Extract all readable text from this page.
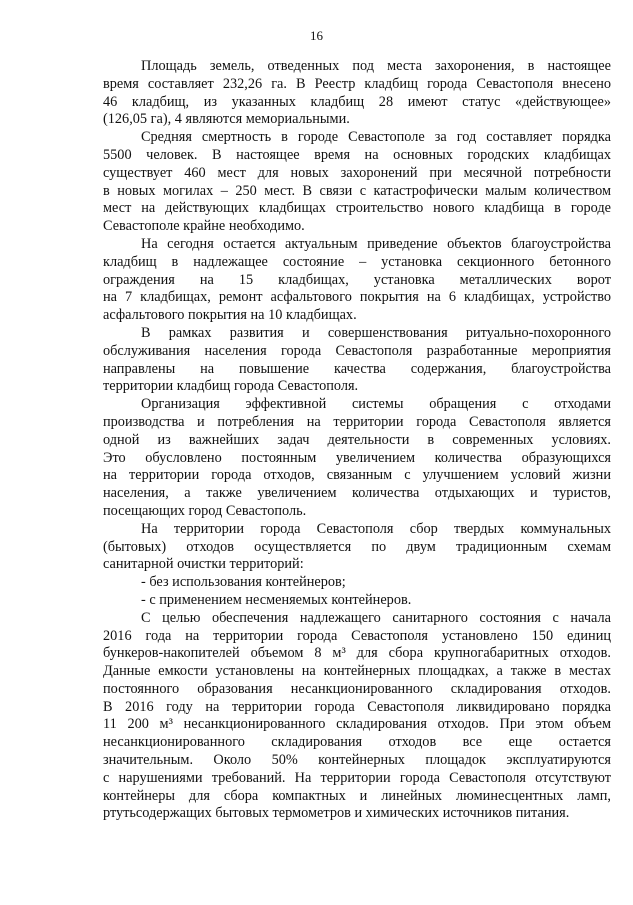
16
Площадь земель, отведенных под места захоронения, в настоящее
время составляет 232,26 га. В Реестр кладбищ города Севастополя внесено
46 кладбищ, из указанных кладбищ 28 имеют статус «действующее»
(126,05 га), 4 являются мемориальными.
Средняя смертность в городе Севастополе за год составляет порядка
5500 человек. В настоящее время на основных городских кладбищах
существует 460 мест для новых захоронений при месячной потребности
в новых могилах – 250 мест. В связи с катастрофически малым количеством
мест на действующих кладбищах строительство нового кладбища в городе
Севастополе крайне необходимо.
На сегодня остается актуальным приведение объектов благоустройства
кладбищ в надлежащее состояние – установка секционного бетонного
ограждения на 15 кладбищах, установка металлических ворот
на 7 кладбищах, ремонт асфальтового покрытия на 6 кладбищах, устройство
асфальтового покрытия на 10 кладбищах.
В рамках развития и совершенствования ритуально-похоронного
обслуживания населения города Севастополя разработанные мероприятия
направлены на повышение качества содержания, благоустройства
территории кладбищ города Севастополя.
Организация эффективной системы обращения с отходами
производства и потребления на территории города Севастополя является
одной из важнейших задач деятельности в современных условиях.
Это обусловлено постоянным увеличением количества образующихся
на территории города отходов, связанным с улучшением условий жизни
населения, а также увеличением количества отдыхающих и туристов,
посещающих город Севастополь.
На территории города Севастополя сбор твердых коммунальных
(бытовых) отходов осуществляется по двум традиционным схемам
санитарной очистки территорий:
- без использования контейнеров;
- с применением несменяемых контейнеров.
С целью обеспечения надлежащего санитарного состояния с начала
2016 года на территории города Севастополя установлено 150 единиц
бункеров-накопителей объемом 8 м³ для сбора крупногабаритных отходов.
Данные емкости установлены на контейнерных площадках, а также в местах
постоянного образования несанкционированного складирования отходов.
В 2016 году на территории города Севастополя ликвидировано порядка
11 200 м³ несанкционированного складирования отходов. При этом объем
несанкционированного складирования отходов все еще остается
значительным. Около 50% контейнерных площадок эксплуатируются
с нарушениями требований. На территории города Севастополя отсутствуют
контейнеры для сбора компактных и линейных люминесцентных ламп,
ртутьсодержащих бытовых термометров и химических источников питания.
